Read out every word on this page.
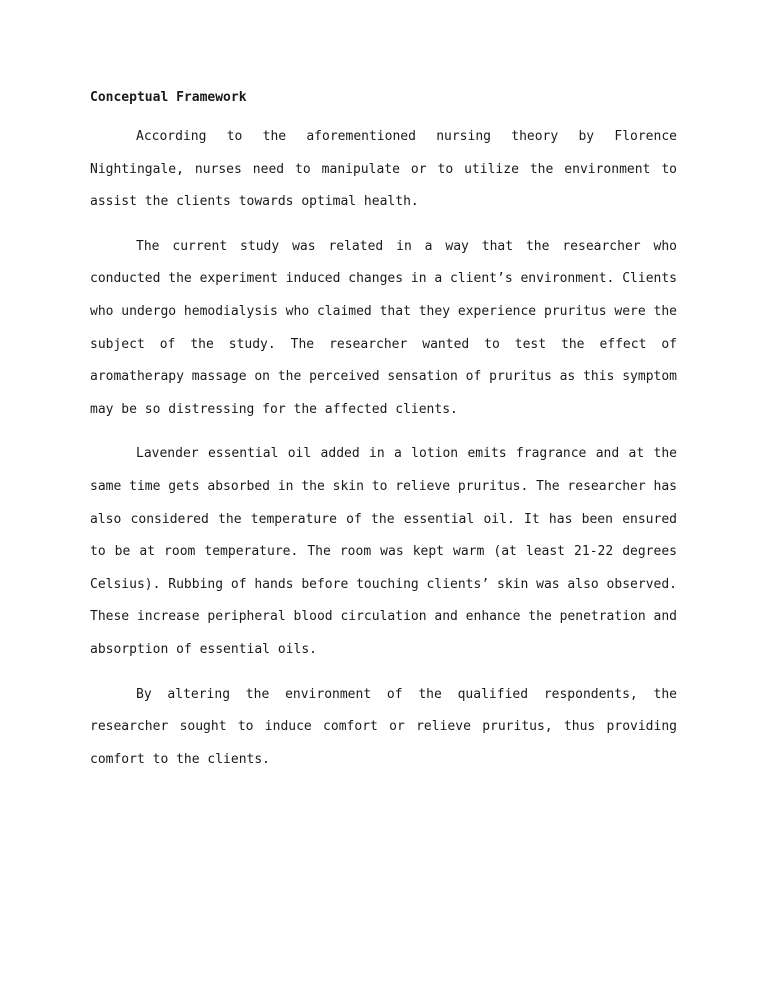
Conceptual Framework

According to the aforementioned nursing theory by Florence Nightingale, nurses need to manipulate or to utilize the environment to assist the clients towards optimal health.

The current study was related in a way that the researcher who conducted the experiment induced changes in a client’s environment. Clients who undergo hemodialysis who claimed that they experience pruritus were the subject of the study. The researcher wanted to test the effect of aromatherapy massage on the perceived sensation of pruritus as this symptom may be so distressing for the affected clients.

Lavender essential oil added in a lotion emits fragrance and at the same time gets absorbed in the skin to relieve pruritus. The researcher has also considered the temperature of the essential oil. It has been ensured to be at room temperature. The room was kept warm (at least 21-22 degrees Celsius). Rubbing of hands before touching clients’ skin was also observed. These increase peripheral blood circulation and enhance the penetration and absorption of essential oils.

By altering the environment of the qualified respondents, the researcher sought to induce comfort or relieve pruritus, thus providing comfort to the clients.
